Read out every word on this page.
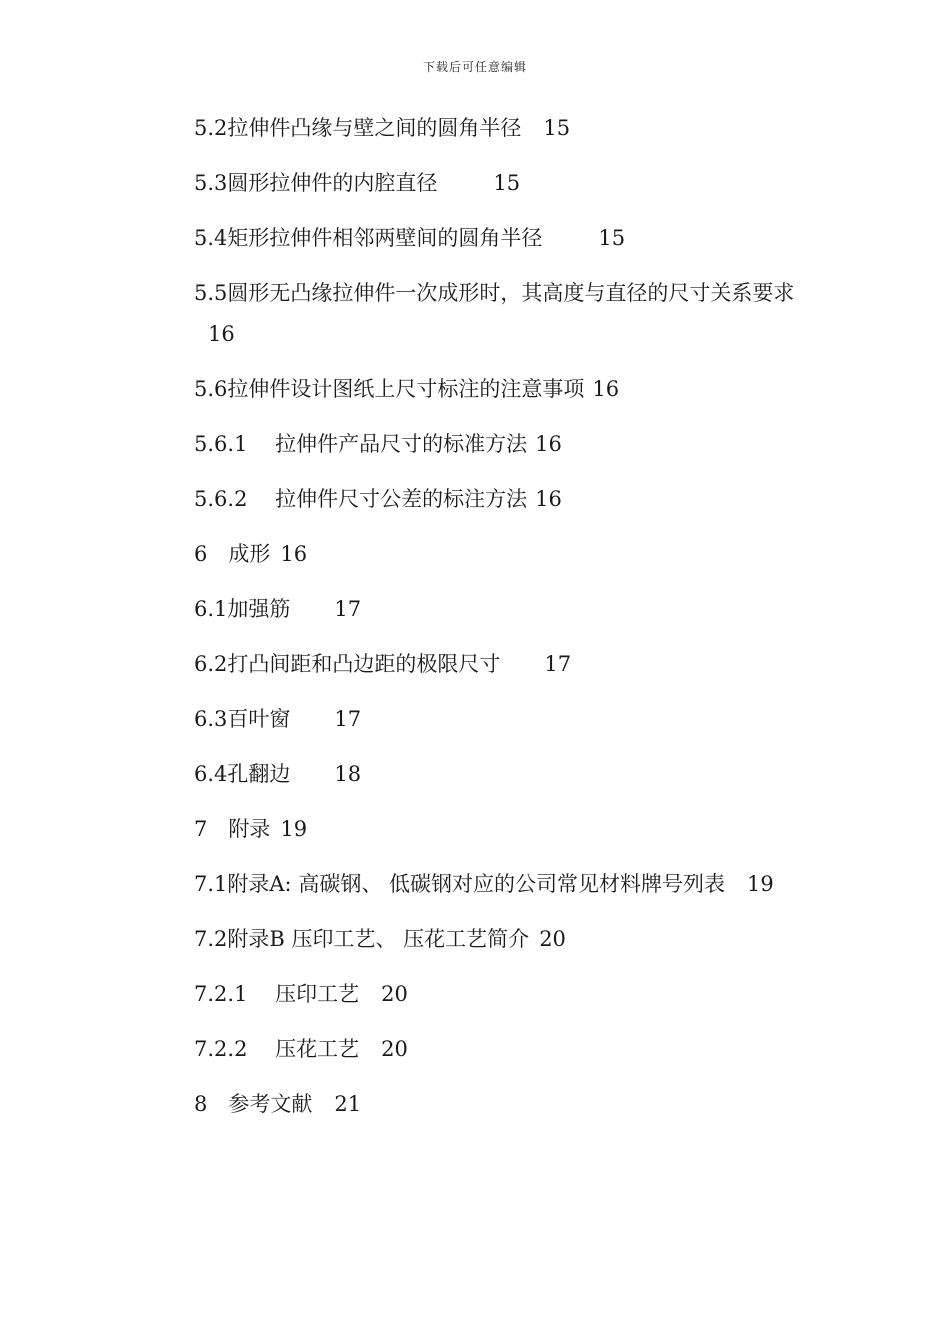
下载后可任意编辑
5.2拉伸件凸缘与壁之间的圆角半径 15
5.3圆形拉伸件的内腔直径	15
5.4矩形拉伸件相邻两壁间的圆角半径	15
5.5圆形无凸缘拉伸件一次成形时，其高度与直径的尺寸关系要求16
5.6拉伸件设计图纸上尺寸标注的注意事项 16
5.6.1　 拉伸件产品尺寸的标准方法 16
5.6.2　 拉伸件尺寸公差的标注方法 16
6　成形 16
6.1加强筋 17
6.2打凸间距和凸边距的极限尺寸 17
6.3百叶窗 17
6.4孔翻边 18
7　附录 19
7.1附录A: 高碳钢、 低碳钢对应的公司常见材料牌号列表 19
7.2附录B 压印工艺、 压花工艺简介 20
7.2.1　 压印工艺 20
7.2.2　 压花工艺 20
8　参考文献 21
